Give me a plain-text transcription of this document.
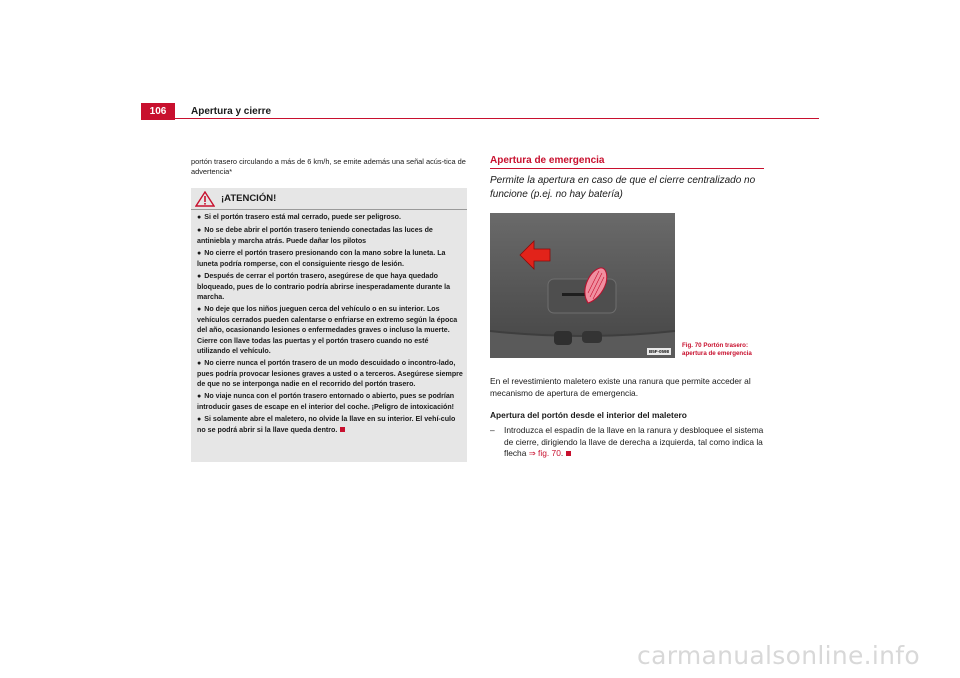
106	Apertura y cierre
portón trasero circulando a más de 6 km/h, se emite además una señal acús-tica de advertencia*
¡ATENCIÓN!
● Si el portón trasero está mal cerrado, puede ser peligroso.
● No se debe abrir el portón trasero teniendo conectadas las luces de antiniebla y marcha atrás. Puede dañar los pilotos
● No cierre el portón trasero presionando con la mano sobre la luneta. La luneta podría romperse, con el consiguiente riesgo de lesión.
● Después de cerrar el portón trasero, asegúrese de que haya quedado bloqueado, pues de lo contrario podría abrirse inesperadamente durante la marcha.
● No deje que los niños jueguen cerca del vehículo o en su interior. Los vehículos cerrados pueden calentarse o enfriarse en extremo según la época del año, ocasionando lesiones o enfermedades graves o incluso la muerte. Cierre con llave todas las puertas y el portón trasero cuando no esté utilizando el vehículo.
● No cierre nunca el portón trasero de un modo descuidado o incontro-lado, pues podría provocar lesiones graves a usted o a terceros. Asegúrese siempre de que no se interponga nadie en el recorrido del portón trasero.
● No viaje nunca con el portón trasero entornado o abierto, pues se podrían introducir gases de escape en el interior del coche. ¡Peligro de intoxicación!
● Si solamente abre el maletero, no olvide la llave en su interior. El vehí-culo no se podrá abrir si la llave queda dentro.
Apertura de emergencia
Permite la apertura en caso de que el cierre centralizado no funcione (p.ej. no hay batería)
B5F-0598
Fig. 70 Portón trasero: apertura de emergencia
En el revestimiento maletero existe una ranura que permite acceder al mecanismo de apertura de emergencia.
Apertura del portón desde el interior del maletero
– Introduzca el espadín de la llave en la ranura y desbloquee el sistema de cierre, dirigiendo la llave de derecha a izquierda, tal como indica la flecha ⇒ fig. 70.
carmanualsonline.info
